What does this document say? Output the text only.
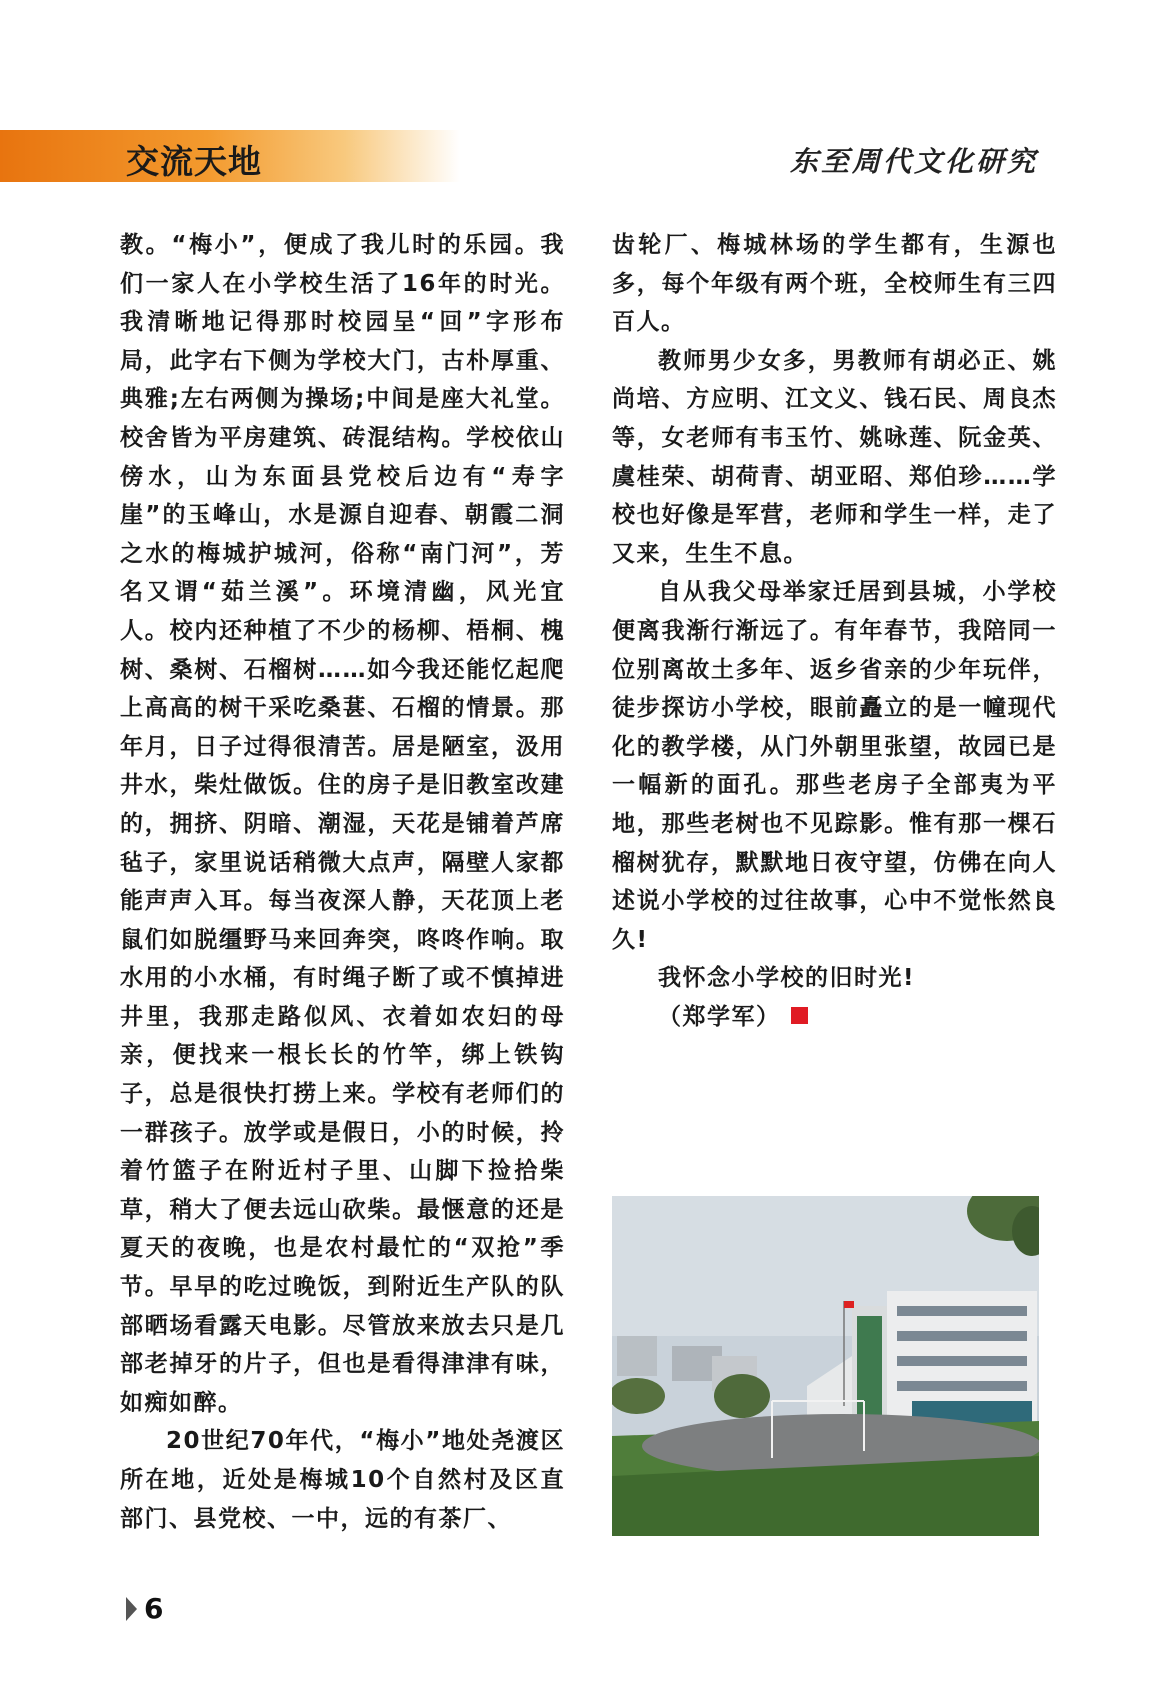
交流天地	东至周代文化研究

教。“梅小”，便成了我儿时的乐园。我们一家人在小学校生活了16年的时光。我清晰地记得那时校园呈“回”字形布局，此字右下侧为学校大门，古朴厚重、典雅;左右两侧为操场;中间是座大礼堂。校舍皆为平房建筑、砖混结构。学校依山傍水，山为东面县党校后边有“寿字崖”的玉峰山，水是源自迎春、朝霞二洞之水的梅城护城河，俗称“南门河”，芳名又谓“茹兰溪”。环境清幽，风光宜人。校内还种植了不少的杨柳、梧桐、槐树、桑树、石榴树……如今我还能忆起爬上高高的树干采吃桑葚、石榴的情景。那年月，日子过得很清苦。居是陋室，汲用井水，柴灶做饭。住的房子是旧教室改建的，拥挤、阴暗、潮湿，天花是铺着芦席毡子，家里说话稍微大点声，隔壁人家都能声声入耳。每当夜深人静，天花顶上老鼠们如脱缰野马来回奔突，咚咚作响。取水用的小水桶，有时绳子断了或不慎掉进井里，我那走路似风、衣着如农妇的母亲，便找来一根长长的竹竿，绑上铁钩子，总是很快打捞上来。学校有老师们的一群孩子。放学或是假日，小的时候，拎着竹篮子在附近村子里、山脚下捡拾柴草，稍大了便去远山砍柴。最惬意的还是夏天的夜晚，也是农村最忙的“双抢”季节。早早的吃过晚饭，到附近生产队的队部晒场看露天电影。尽管放来放去只是几部老掉牙的片子，但也是看得津津有味，如痴如醉。

20世纪70年代，“梅小”地处尧渡区所在地，近处是梅城10个自然村及区直部门、县党校、一中，远的有茶厂、

齿轮厂、梅城林场的学生都有，生源也多，每个年级有两个班，全校师生有三四百人。

教师男少女多，男教师有胡必正、姚尚培、方应明、江文义、钱石民、周良杰等，女老师有韦玉竹、姚咏莲、阮金英、虞桂荣、胡荷青、胡亚昭、郑伯珍……学校也好像是军营，老师和学生一样，走了又来，生生不息。

自从我父母举家迁居到县城，小学校便离我渐行渐远了。有年春节，我陪同一位别离故土多年、返乡省亲的少年玩伴，徒步探访小学校，眼前矗立的是一幢现代化的教学楼，从门外朝里张望，故园已是一幅新的面孔。那些老房子全部夷为平地，那些老树也不见踪影。惟有那一棵石榴树犹存，默默地日夜守望，仿佛在向人述说小学校的过往故事，心中不觉怅然良久!

我怀念小学校的旧时光!

（郑学军）

6
